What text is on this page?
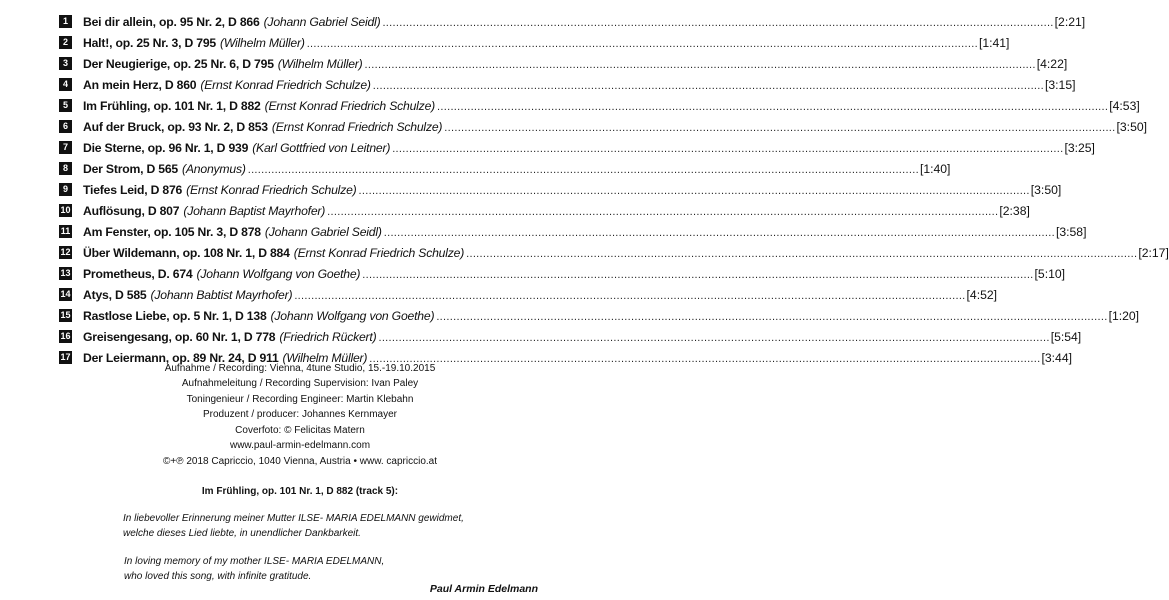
1	Bei dir allein, op. 95 Nr. 2, D 866 (Johann Gabriel Seidl) ........................................................................................................................................................................................................ [2:21]
2	Halt!, op. 25 Nr. 3, D 795 (Wilhelm Müller) ........................................................................................................................................................................................................ [1:41]
3	Der Neugierige, op. 25 Nr. 6, D 795 (Wilhelm Müller) ........................................................................................................................................................................................................ [4:22]
4	An mein Herz, D 860 (Ernst Konrad Friedrich Schulze) ........................................................................................................................................................................................................ [3:15]
5	Im Frühling, op. 101 Nr. 1, D 882 (Ernst Konrad Friedrich Schulze) ........................................................................................................................................................................................................ [4:53]
6	Auf der Bruck, op. 93 Nr. 2, D 853 (Ernst Konrad Friedrich Schulze) ........................................................................................................................................................................................................ [3:50]
7	Die Sterne, op. 96 Nr. 1, D 939 (Karl Gottfried von Leitner) ........................................................................................................................................................................................................ [3:25]
8	Der Strom, D 565 (Anonymus) ........................................................................................................................................................................................................ [1:40]
9	Tiefes Leid, D 876 (Ernst Konrad Friedrich Schulze) ........................................................................................................................................................................................................ [3:50]
10 Auflösung, D 807 (Johann Baptist Mayrhofer) ........................................................................................................................................................................................................ [2:38]
11 Am Fenster, op. 105 Nr. 3, D 878 (Johann Gabriel Seidl) ........................................................................................................................................................................................................ [3:58]
12 Über Wildemann, op. 108 Nr. 1, D 884 (Ernst Konrad Friedrich Schulze) ........................................................................................................................................................................................................ [2:17]
13 Prometheus, D. 674 (Johann Wolfgang von Goethe) ........................................................................................................................................................................................................ [5:10]
14 Atys, D 585 (Johann Babtist Mayrhofer) ........................................................................................................................................................................................................ [4:52]
15 Rastlose Liebe, op. 5 Nr. 1, D 138 (Johann Wolfgang von Goethe) ........................................................................................................................................................................................................ [1:20]
16 Greisengesang, op. 60 Nr. 1, D 778 (Friedrich Rückert) ........................................................................................................................................................................................................ [5:54]
17 Der Leiermann, op. 89 Nr. 24, D 911 (Wilhelm Müller) ........................................................................................................................................................................................................ [3:44]
Aufnahme / Recording: Vienna, 4tune Studio, 15.-19.10.2015
Aufnahmeleitung / Recording Supervision: Ivan Paley
Toningenieur / Recording Engineer: Martin Klebahn
Produzent / producer: Johannes Kernmayer
Coverfoto: © Felicitas Matern
www.paul-armin-edelmann.com
©+℗ 2018 Capriccio, 1040 Vienna, Austria • www. capriccio.at
Im Frühling, op. 101 Nr. 1, D 882 (track 5):
In liebevoller Erinnerung meiner Mutter ILSE- MARIA EDELMANN gewidmet,
welche dieses Lied liebte, in unendlicher Dankbarkeit.
In loving memory of my mother ILSE- MARIA EDELMANN,
who loved this song, with infinite gratitude.
Paul Armin Edelmann
